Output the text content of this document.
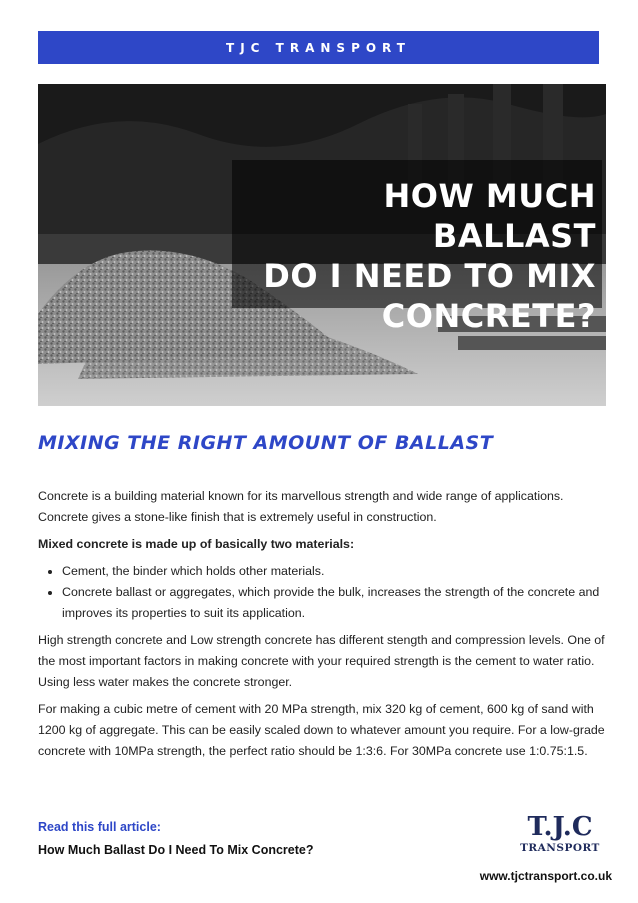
TJC TRANSPORT
HOW MUCH BALLAST
DO I NEED TO MIX
CONCRETE?
MIXING THE RIGHT AMOUNT OF BALLAST

Concrete is a building material known for its marvellous strength and wide range of applications. Concrete gives a stone-like finish that is extremely useful in construction.

Mixed concrete is made up of basically two materials:

• Cement, the binder which holds other materials.
• Concrete ballast or aggregates, which provide the bulk, increases the strength of the concrete and improves its properties to suit its application.

High strength concrete and Low strength concrete has different stength and compression levels. One of the most important factors in making concrete with your required strength is the cement to water ratio. Using less water makes the concrete stronger.

For making a cubic metre of cement with 20 MPa strength, mix 320 kg of cement, 600 kg of sand with 1200 kg of aggregate. This can be easily scaled down to whatever amount you require. For a low-grade concrete with 10MPa strength, the perfect ratio should be 1:3:6. For 30MPa concrete use 1:0.75:1.5.

Read this full article:
How Much Ballast Do I Need To Mix Concrete?
T.J.C
TRANSPORT
www.tjctransport.co.uk
